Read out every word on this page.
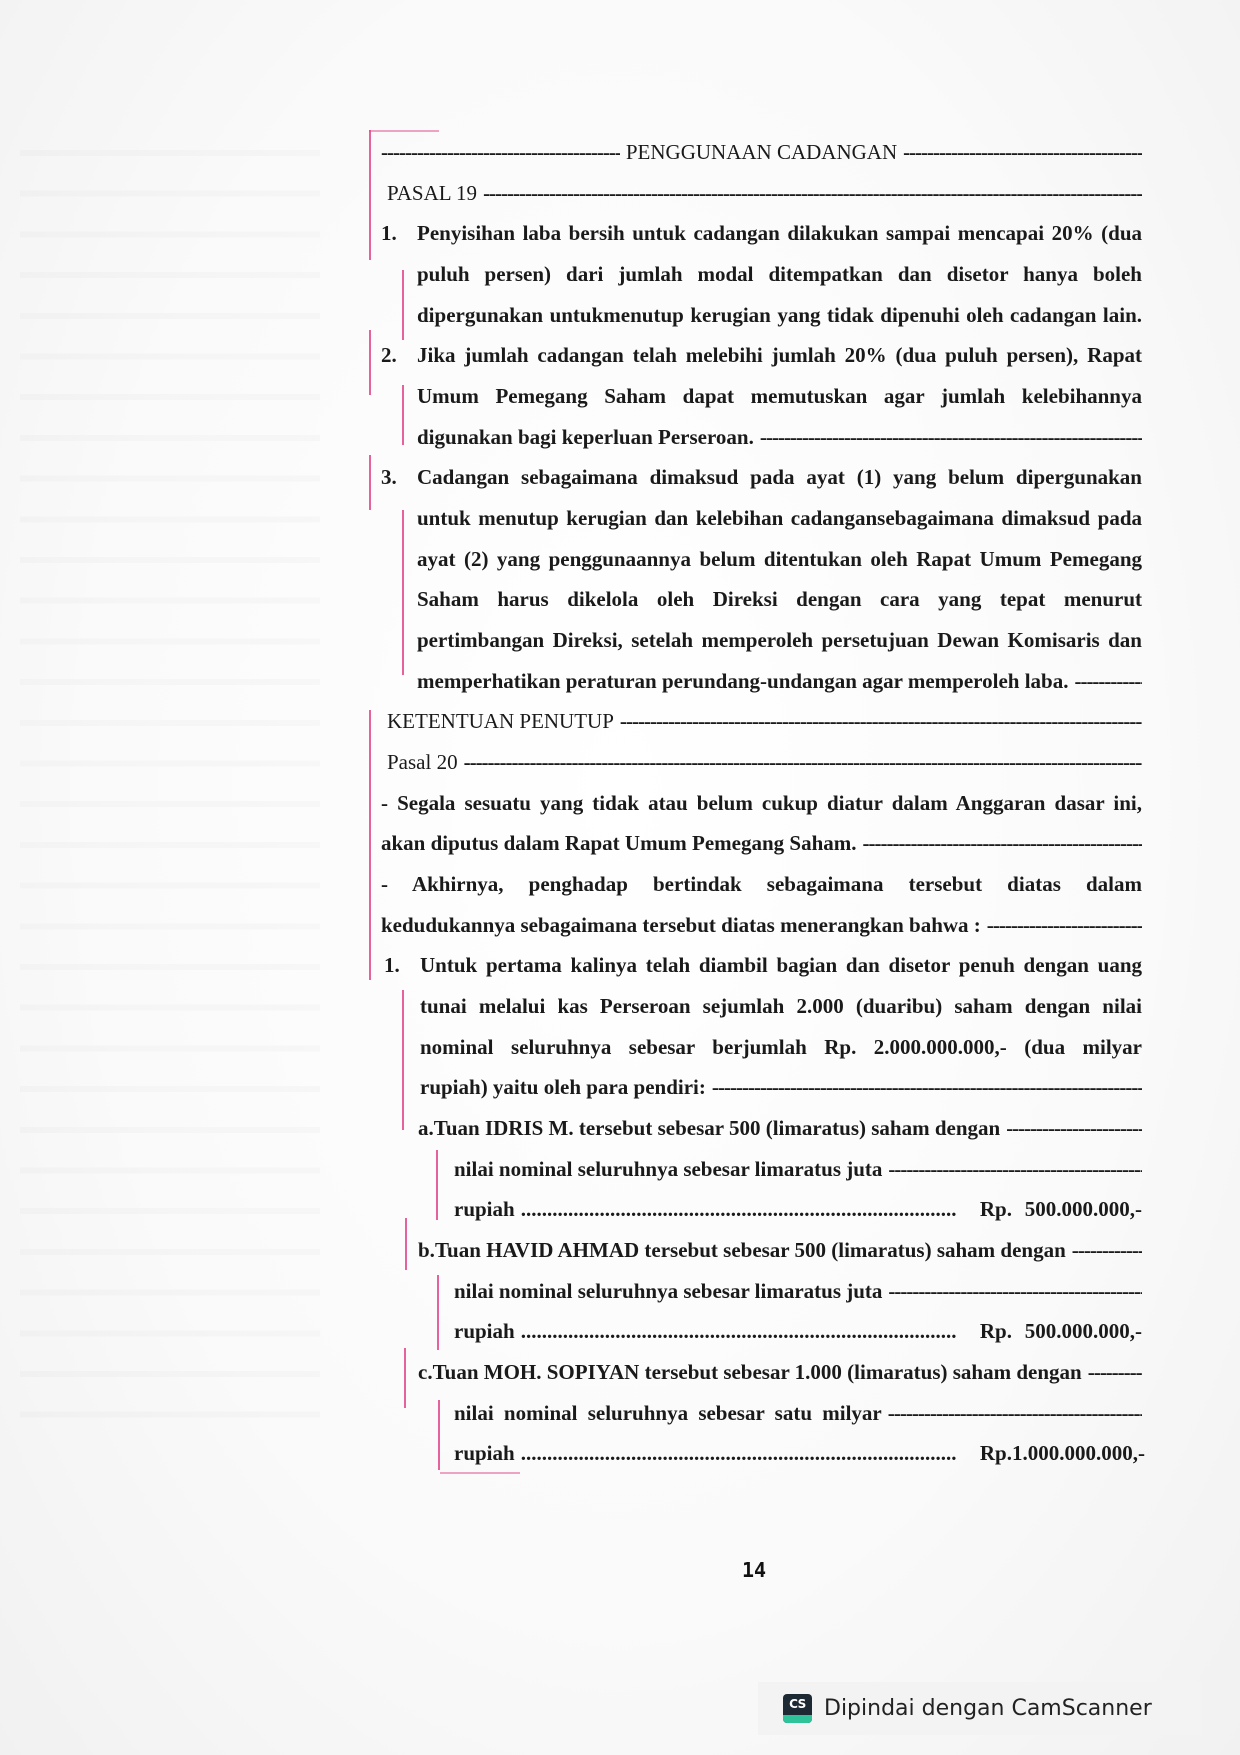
-----
PENGGUNAAN CADANGAN
-----
PASAL 19
-----
1. Penyisihan laba bersih untuk cadangan dilakukan sampai mencapai 20% (dua
puluh persen) dari jumlah modal ditempatkan dan disetor hanya boleh
dipergunakan untukmenutup kerugian yang tidak dipenuhi oleh cadangan lain.
2. Jika jumlah cadangan telah melebihi jumlah 20% (dua puluh persen), Rapat
Umum Pemegang Saham dapat memutuskan agar jumlah kelebihannya
digunakan bagi keperluan Perseroan.
-----
3. Cadangan sebagaimana dimaksud pada ayat (1) yang belum dipergunakan
untuk menutup kerugian dan kelebihan cadangansebagaimana dimaksud pada
ayat (2) yang penggunaannya belum ditentukan oleh Rapat Umum Pemegang
Saham harus dikelola oleh Direksi dengan cara yang tepat menurut
pertimbangan Direksi, setelah memperoleh persetujuan Dewan Komisaris dan
memperhatikan peraturan perundang-undangan agar memperoleh laba.
-----
KETENTUAN PENUTUP
-----
Pasal 20
-----
- Segala sesuatu yang tidak atau belum cukup diatur dalam Anggaran dasar ini,
akan diputus dalam Rapat Umum Pemegang Saham.
-----
- Akhirnya, penghadap bertindak sebagaimana tersebut diatas dalam
kedudukannya sebagaimana tersebut diatas menerangkan bahwa :
-----
1. Untuk pertama kalinya telah diambil bagian dan disetor penuh dengan uang
tunai melalui kas Perseroan sejumlah 2.000 (duaribu) saham dengan nilai
nominal seluruhnya sebesar berjumlah Rp. 2.000.000.000,- (dua milyar
rupiah) yaitu oleh para pendiri:
-----
a. Tuan IDRIS M. tersebut sebesar 500 (limaratus) saham dengan
-----
nilai nominal seluruhnya sebesar limaratus juta
-----
rupiah .....	Rp. 500.000.000,-
b. Tuan HAVID AHMAD tersebut sebesar 500 (limaratus) saham dengan
-----
nilai nominal seluruhnya sebesar limaratus juta
-----
rupiah .....	Rp. 500.000.000,-
c. Tuan MOH. SOPIYAN tersebut sebesar 1.000 (limaratus) saham dengan
-----
nilai nominal seluruhnya sebesar satu milyar
-----
rupiah .....	Rp. 1.000.000.000,-
14
CS Dipindai dengan CamScanner
